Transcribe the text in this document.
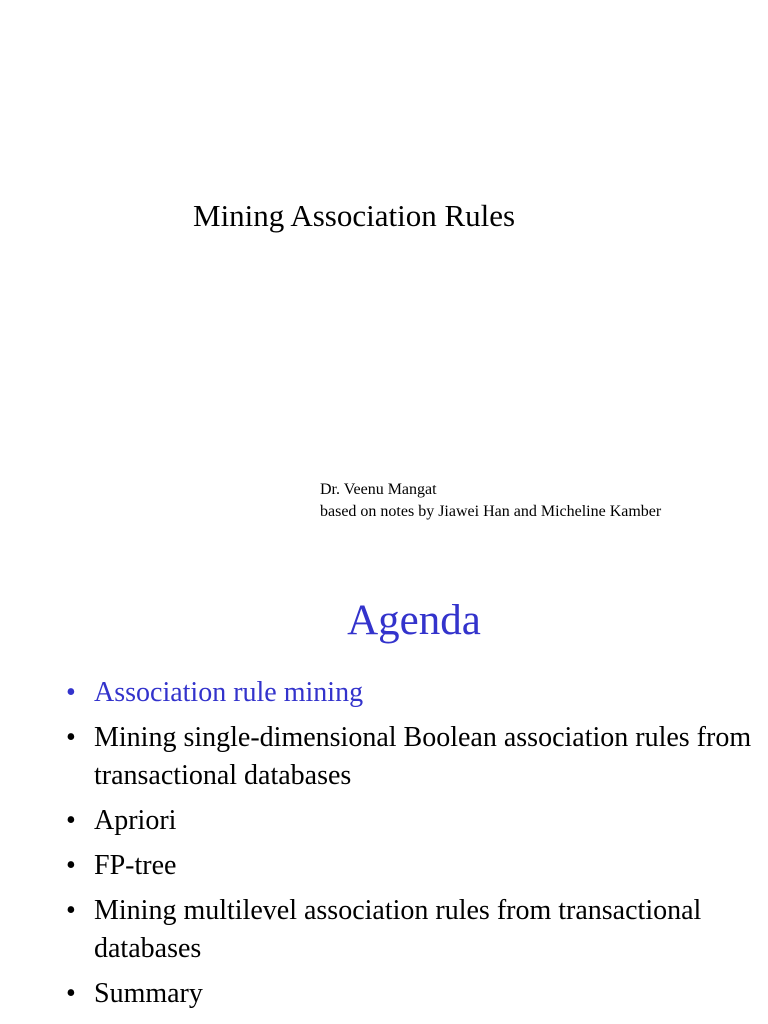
Mining Association Rules
Dr. Veenu Mangat
based on notes by Jiawei Han and Micheline Kamber
Agenda
• Association rule mining
• Mining single-dimensional Boolean association rules from transactional databases
• Apriori
• FP-tree
• Mining multilevel association rules from transactional databases
• Summary
